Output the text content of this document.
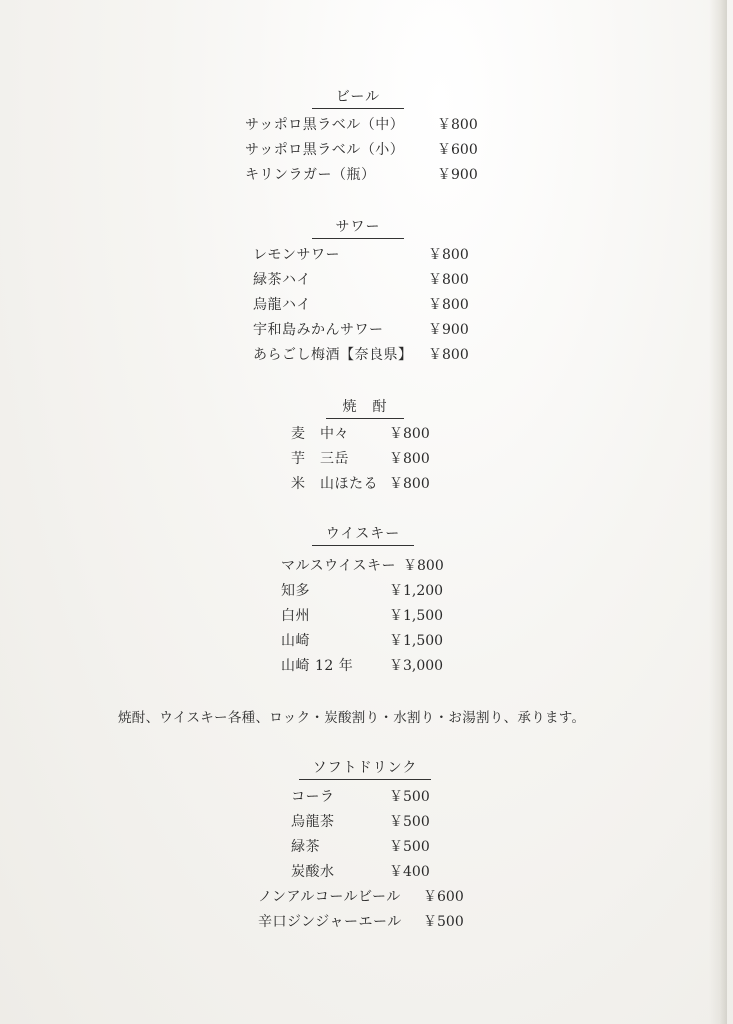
ビール
サッポロ黒ラベル（中） ￥800
サッポロ黒ラベル（小） ￥600
キリンラガー（瓶）	￥900
サワー
レモンサワー	￥800
緑茶ハイ	￥800
烏龍ハイ	￥800
宇和島みかんサワー	￥900
あらごし梅酒【奈良県】 ￥800
焼　酎
麦　中々	￥800
芋　三岳	￥800
米　山ほたる ￥800
ウイスキー
マルスウイスキー ￥800
知多	￥1,200
白州	￥1,500
山崎	￥1,500
山崎 12 年	￥3,000
焼酎、ウイスキー各種、ロック・炭酸割り・水割り・お湯割り、承ります。
ソフトドリンク
コーラ	￥500
烏龍茶	￥500
緑茶	￥500
炭酸水	￥400
ノンアルコールビール ￥600
辛口ジンジャーエール ￥500
